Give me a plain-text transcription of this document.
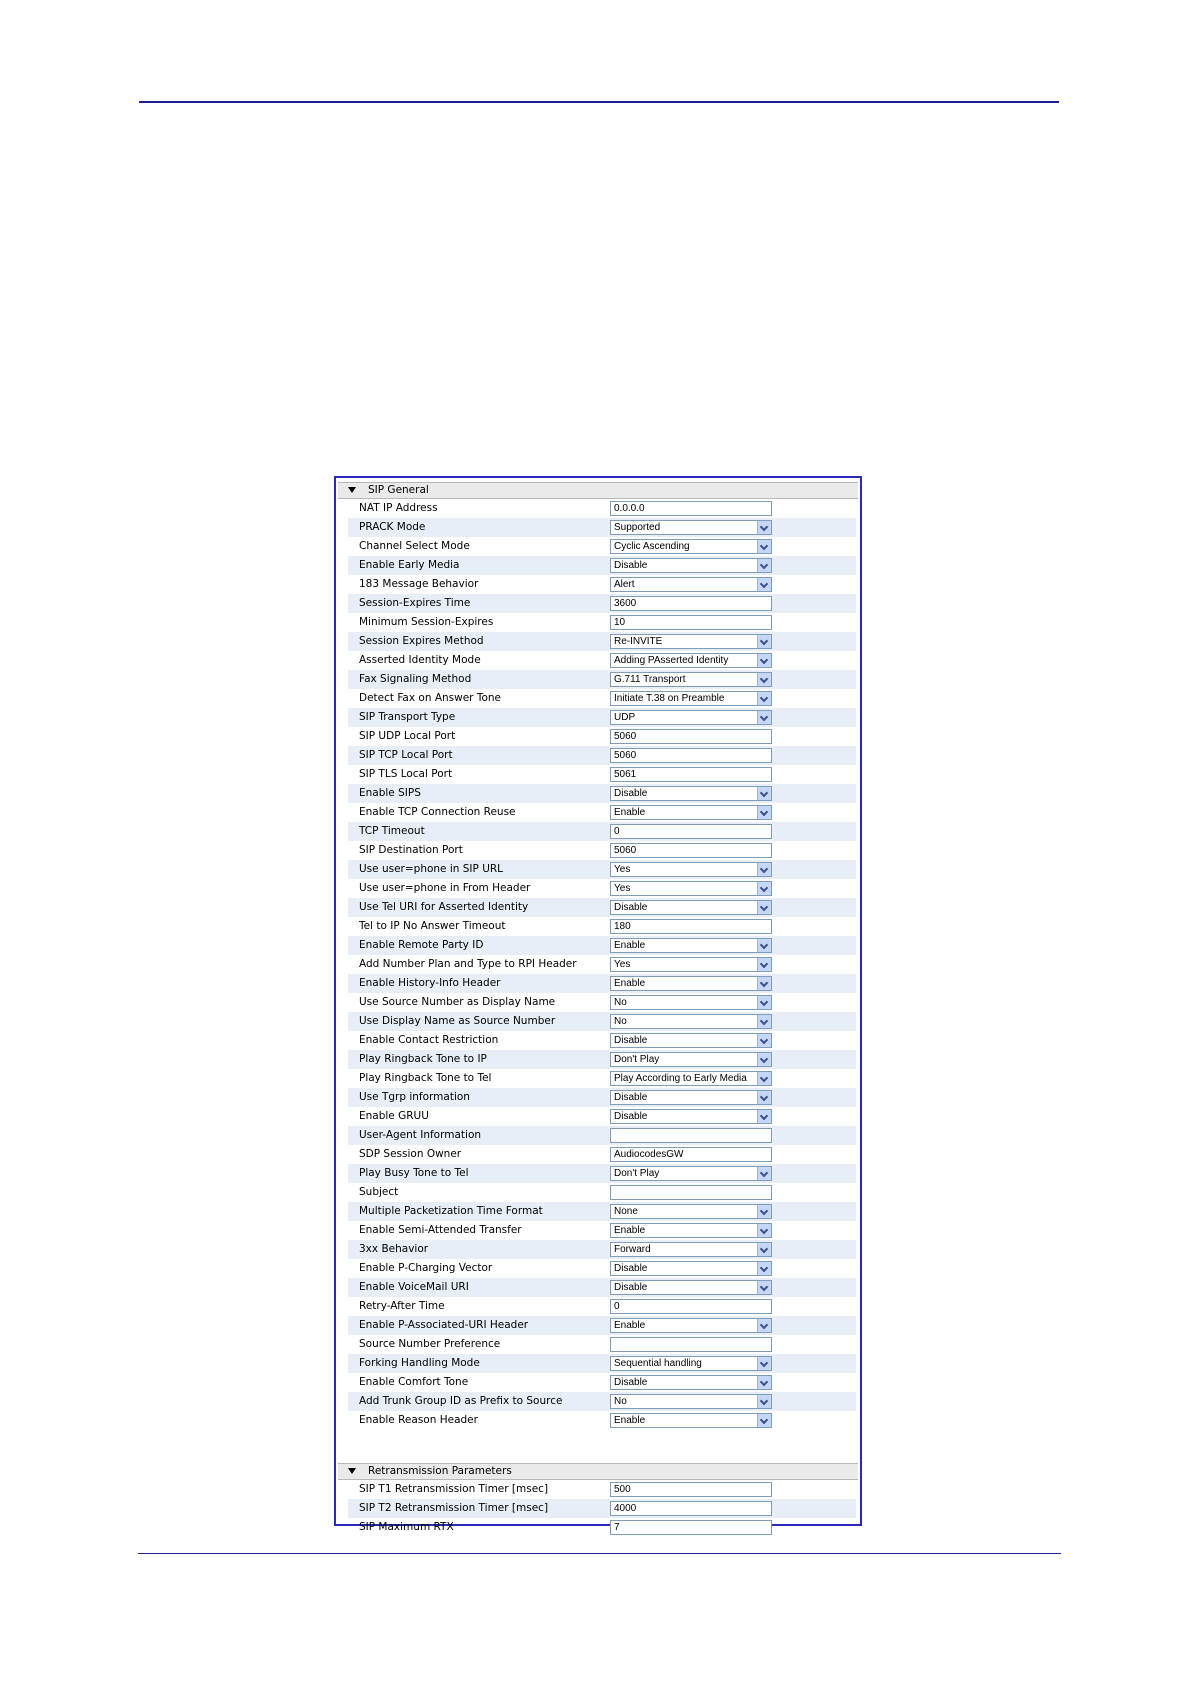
SIP General
NAT IP Address	0.0.0.0
PRACK Mode	Supported
Channel Select Mode	Cyclic Ascending
Enable Early Media	Disable
183 Message Behavior	Alert
Session-Expires Time	3600
Minimum Session-Expires	10
Session Expires Method	Re-INVITE
Asserted Identity Mode	Adding PAsserted Identity
Fax Signaling Method	G.711 Transport
Detect Fax on Answer Tone	Initiate T.38 on Preamble
SIP Transport Type	UDP
SIP UDP Local Port	5060
SIP TCP Local Port	5060
SIP TLS Local Port	5061
Enable SIPS	Disable
Enable TCP Connection Reuse	Enable
TCP Timeout	0
SIP Destination Port	5060
Use user=phone in SIP URL	Yes
Use user=phone in From Header	Yes
Use Tel URI for Asserted Identity	Disable
Tel to IP No Answer Timeout	180
Enable Remote Party ID	Enable
Add Number Plan and Type to RPI Header	Yes
Enable History-Info Header	Enable
Use Source Number as Display Name	No
Use Display Name as Source Number	No
Enable Contact Restriction	Disable
Play Ringback Tone to IP	Don't Play
Play Ringback Tone to Tel	Play According to Early Media
Use Tgrp information	Disable
Enable GRUU	Disable
User-Agent Information
SDP Session Owner	AudiocodesGW
Play Busy Tone to Tel	Don't Play
Subject
Multiple Packetization Time Format	None
Enable Semi-Attended Transfer	Enable
3xx Behavior	Forward
Enable P-Charging Vector	Disable
Enable VoiceMail URI	Disable
Retry-After Time	0
Enable P-Associated-URI Header	Enable
Source Number Preference
Forking Handling Mode	Sequential handling
Enable Comfort Tone	Disable
Add Trunk Group ID as Prefix to Source	No
Enable Reason Header	Enable
Retransmission Parameters
SIP T1 Retransmission Timer [msec]	500
SIP T2 Retransmission Timer [msec]	4000
SIP Maximum RTX	7
